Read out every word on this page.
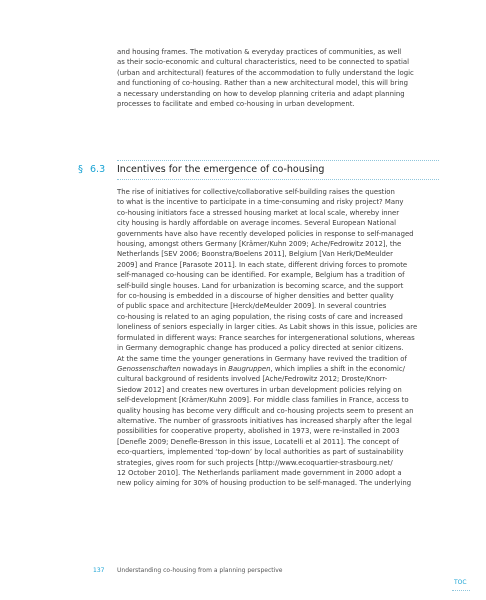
and housing frames. The motivation & everyday practices of communities, as well
as their socio-economic and cultural characteristics, need to be connected to spatial
(urban and architectural) features of the accommodation to fully understand the logic
and functioning of co-housing. Rather than a new architectural model, this will bring
a necessary understanding on how to develop planning criteria and adapt planning
processes to facilitate and embed co-housing in urban development.

§ 6.3 Incentives for the emergence of co-housing

The rise of initiatives for collective/collaborative self-building raises the question
to what is the incentive to participate in a time-consuming and risky project? Many
co-housing initiators face a stressed housing market at local scale, whereby inner
city housing is hardly affordable on average incomes. Several European National
governments have also have recently developed policies in response to self-managed
housing, amongst others Germany [Krämer/Kuhn 2009; Ache/Fedrowitz 2012], the
Netherlands [SEV 2006; Boonstra/Boelens 2011], Belgium [Van Herk/DeMeulder
2009] and France [Parasote 2011]. In each state, different driving forces to promote
self-managed co-housing can be identified. For example, Belgium has a tradition of
self-build single houses. Land for urbanization is becoming scarce, and the support
for co-housing is embedded in a discourse of higher densities and better quality
of public space and architecture [Herck/deMeulder 2009]. In several countries
co-housing is related to an aging population, the rising costs of care and increased
loneliness of seniors especially in larger cities. As Labit shows in this issue, policies are
formulated in different ways: France searches for intergenerational solutions, whereas
in Germany demographic change has produced a policy directed at senior citizens.
At the same time the younger generations in Germany have revived the tradition of
Genossenschaften nowadays in Baugruppen, which implies a shift in the economic/
cultural background of residents involved [Ache/Fedrowitz 2012; Droste/Knorr-
Siedow 2012] and creates new overtures in urban development policies relying on
self-development [Krämer/Kuhn 2009]. For middle class families in France, access to
quality housing has become very difficult and co-housing projects seem to present an
alternative. The number of grassroots initiatives has increased sharply after the legal
possibilities for cooperative property, abolished in 1973, were re-installed in 2003
[Denefle 2009; Denefle-Bresson in this issue, Locatelli et al 2011]. The concept of
eco-quartiers, implemented ‘top-down’ by local authorities as part of sustainability
strategies, gives room for such projects [http://www.ecoquartier-strasbourg.net/
12 October 2010]. The Netherlands parliament made government in 2000 adopt a
new policy aiming for 30% of housing production to be self-managed. The underlying

137 Understanding co-housing from a planning perspective
TOC
